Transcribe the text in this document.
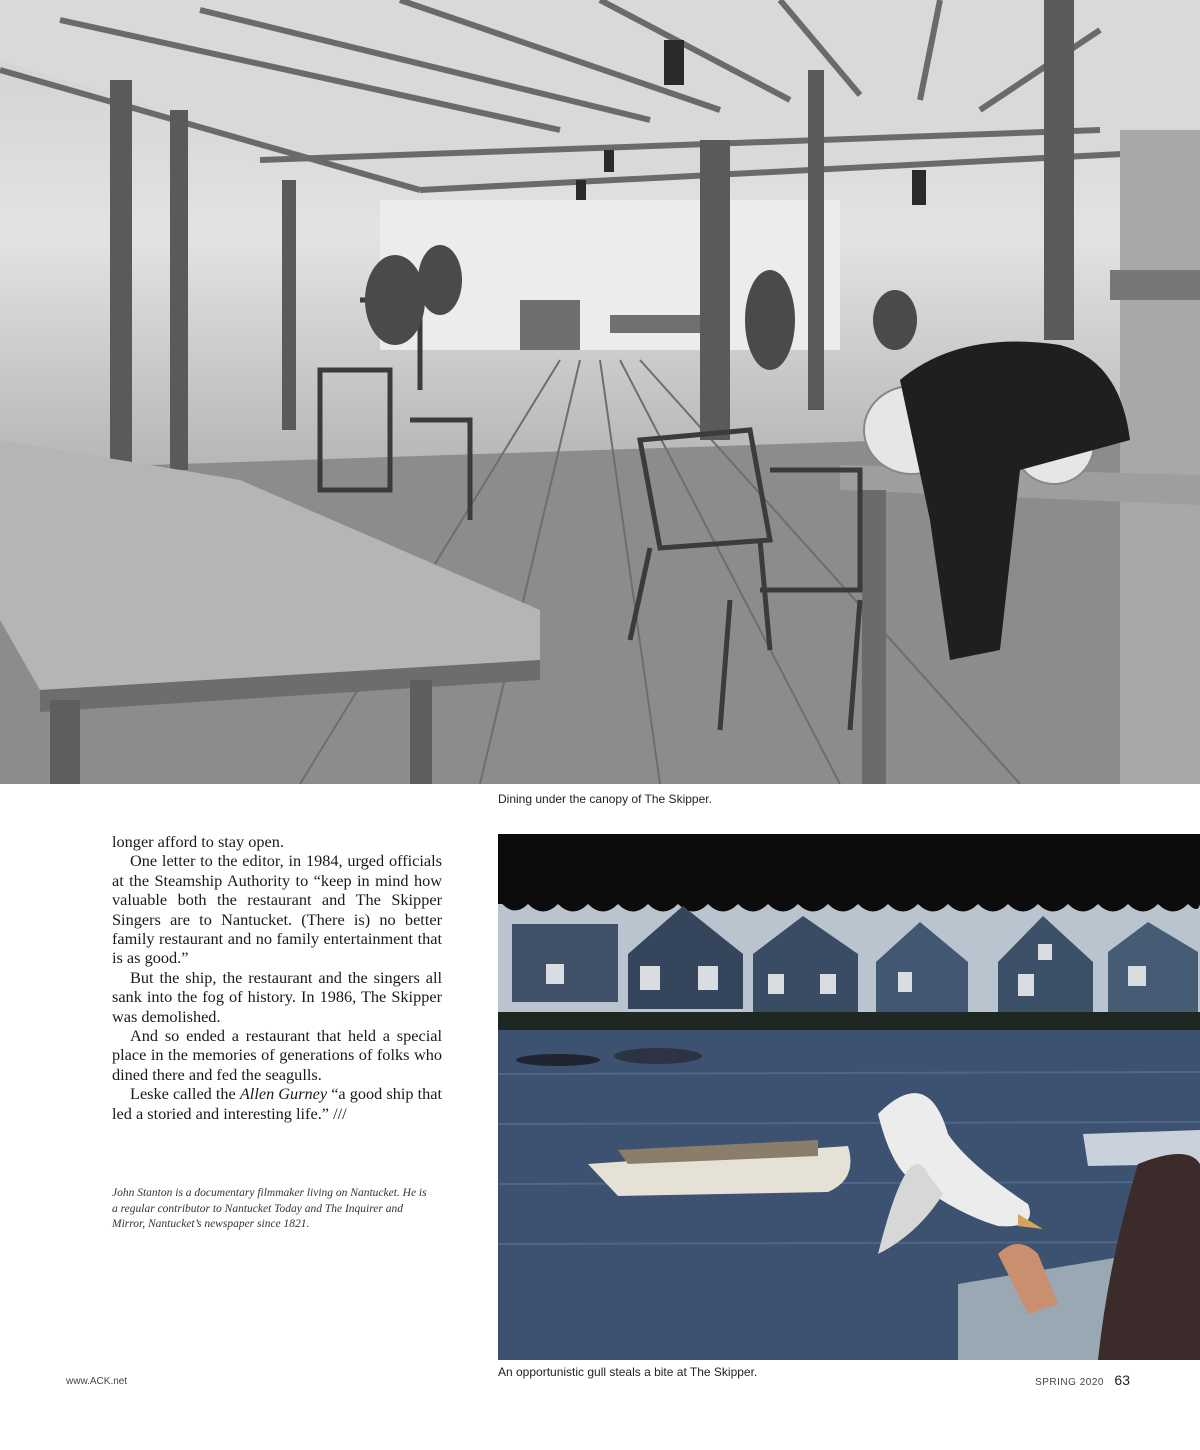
Dining under the canopy of The Skipper.

longer afford to stay open.

One letter to the editor, in 1984, urged officials at the Steamship Authority to “keep in mind how valuable both the restaurant and The Skipper Singers are to Nantucket. (There is) no better family restaurant and no family entertainment that is as good.”

But the ship, the restaurant and the singers all sank into the fog of history. In 1986, The Skipper was demolished.

And so ended a restaurant that held a special place in the memories of generations of folks who dined there and fed the seagulls.

Leske called the Allen Gurney “a good ship that led a storied and interesting life.” ///

John Stanton is a documentary filmmaker living on Nantucket. He is a regular contributor to Nantucket Today and The Inquirer and Mirror, Nantucket’s newspaper since 1821.
An opportunistic gull steals a bite at The Skipper.
www.ACK.net	SPRING 2020 63
